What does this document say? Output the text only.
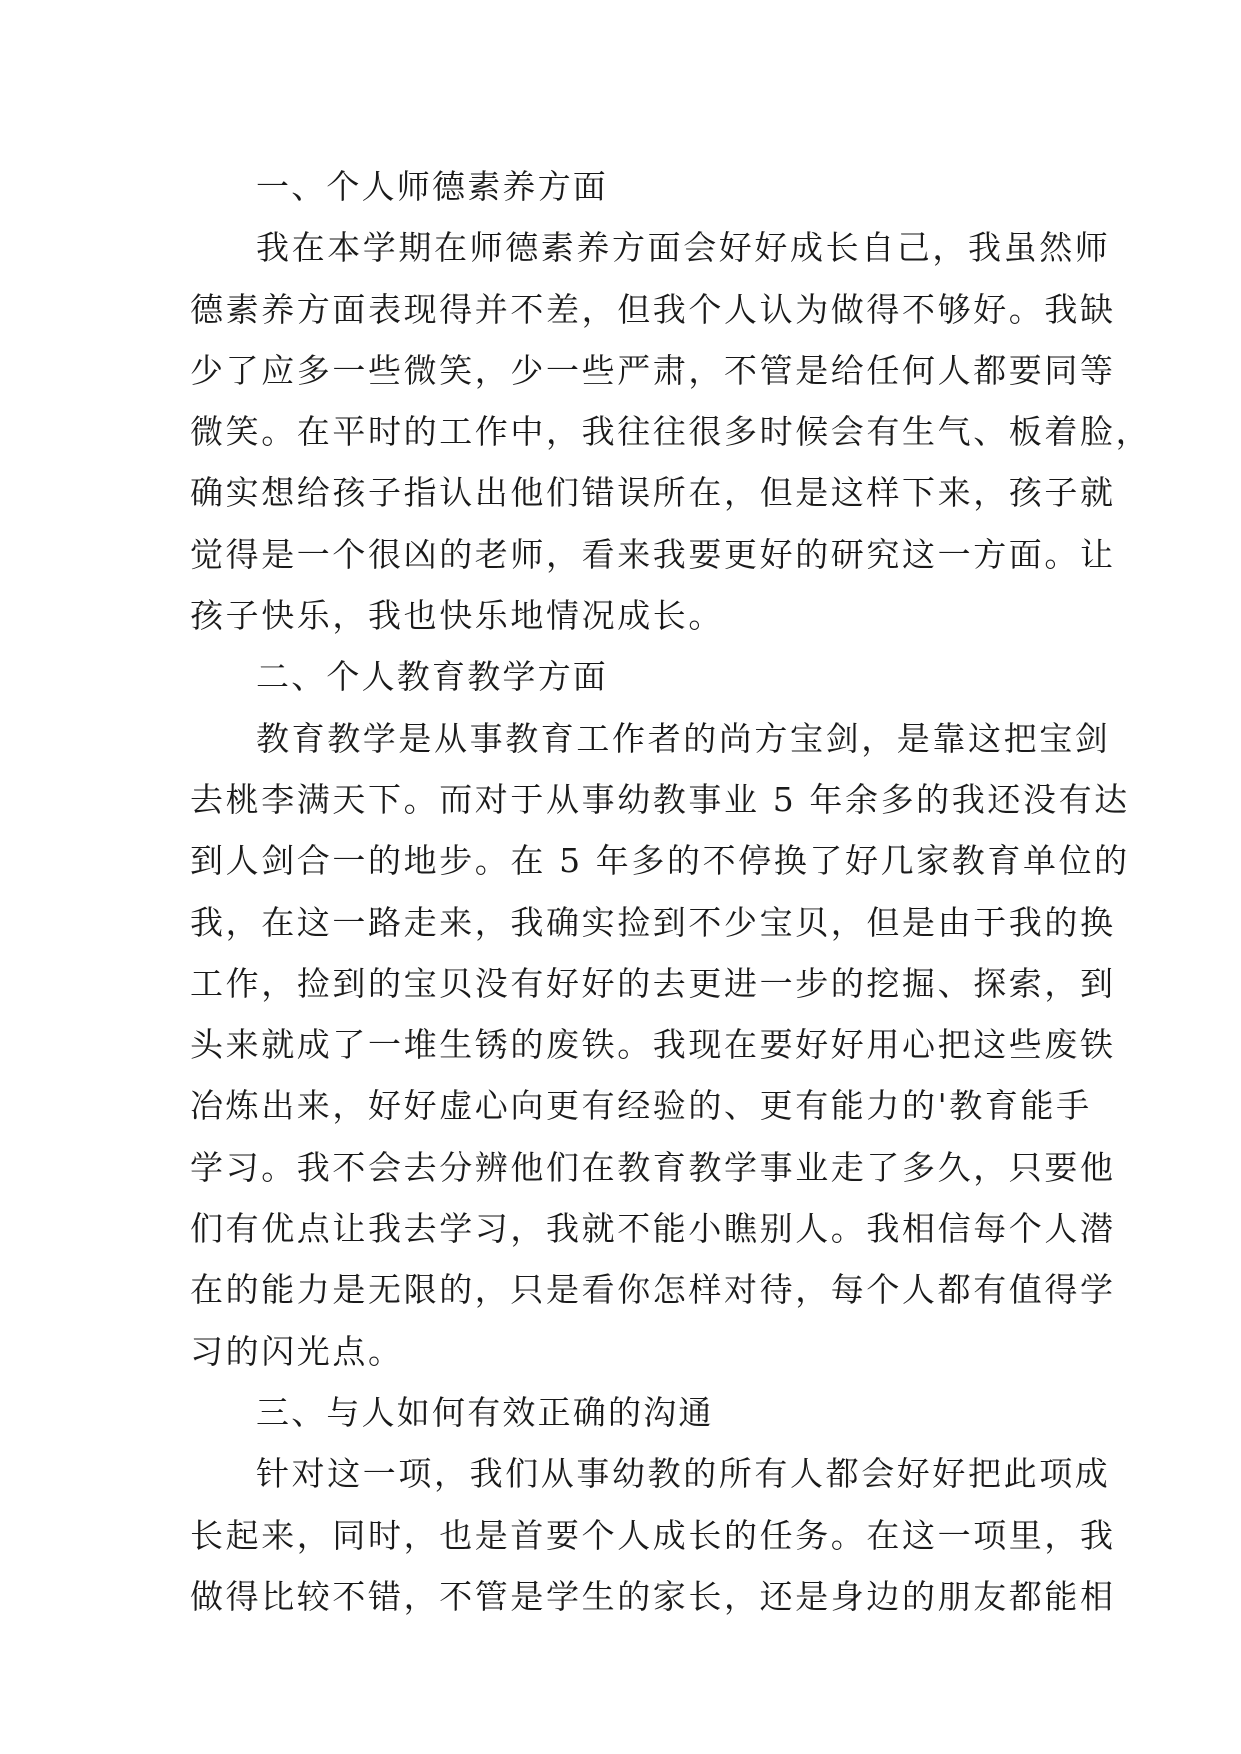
一、个人师德素养方面
我在本学期在师德素养方面会好好成长自己，我虽然师
德素养方面表现得并不差，但我个人认为做得不够好。我缺
少了应多一些微笑，少一些严肃，不管是给任何人都要同等
微笑。在平时的工作中，我往往很多时候会有生气、板着脸，
确实想给孩子指认出他们错误所在，但是这样下来，孩子就
觉得是一个很凶的老师，看来我要更好的研究这一方面。让
孩子快乐，我也快乐地情况成长。
二、个人教育教学方面
教育教学是从事教育工作者的尚方宝剑，是靠这把宝剑
去桃李满天下。而对于从事幼教事业 5 年余多的我还没有达
到人剑合一的地步。在 5 年多的不停换了好几家教育单位的
我，在这一路走来，我确实捡到不少宝贝，但是由于我的换
工作，捡到的宝贝没有好好的去更进一步的挖掘、探索，到
头来就成了一堆生锈的废铁。我现在要好好用心把这些废铁
冶炼出来，好好虚心向更有经验的、更有能力的'教育能手
学习。我不会去分辨他们在教育教学事业走了多久，只要他
们有优点让我去学习，我就不能小瞧别人。我相信每个人潜
在的能力是无限的，只是看你怎样对待，每个人都有值得学
习的闪光点。
三、与人如何有效正确的沟通
针对这一项，我们从事幼教的所有人都会好好把此项成
长起来，同时，也是首要个人成长的任务。在这一项里，我
做得比较不错，不管是学生的家长，还是身边的朋友都能相
